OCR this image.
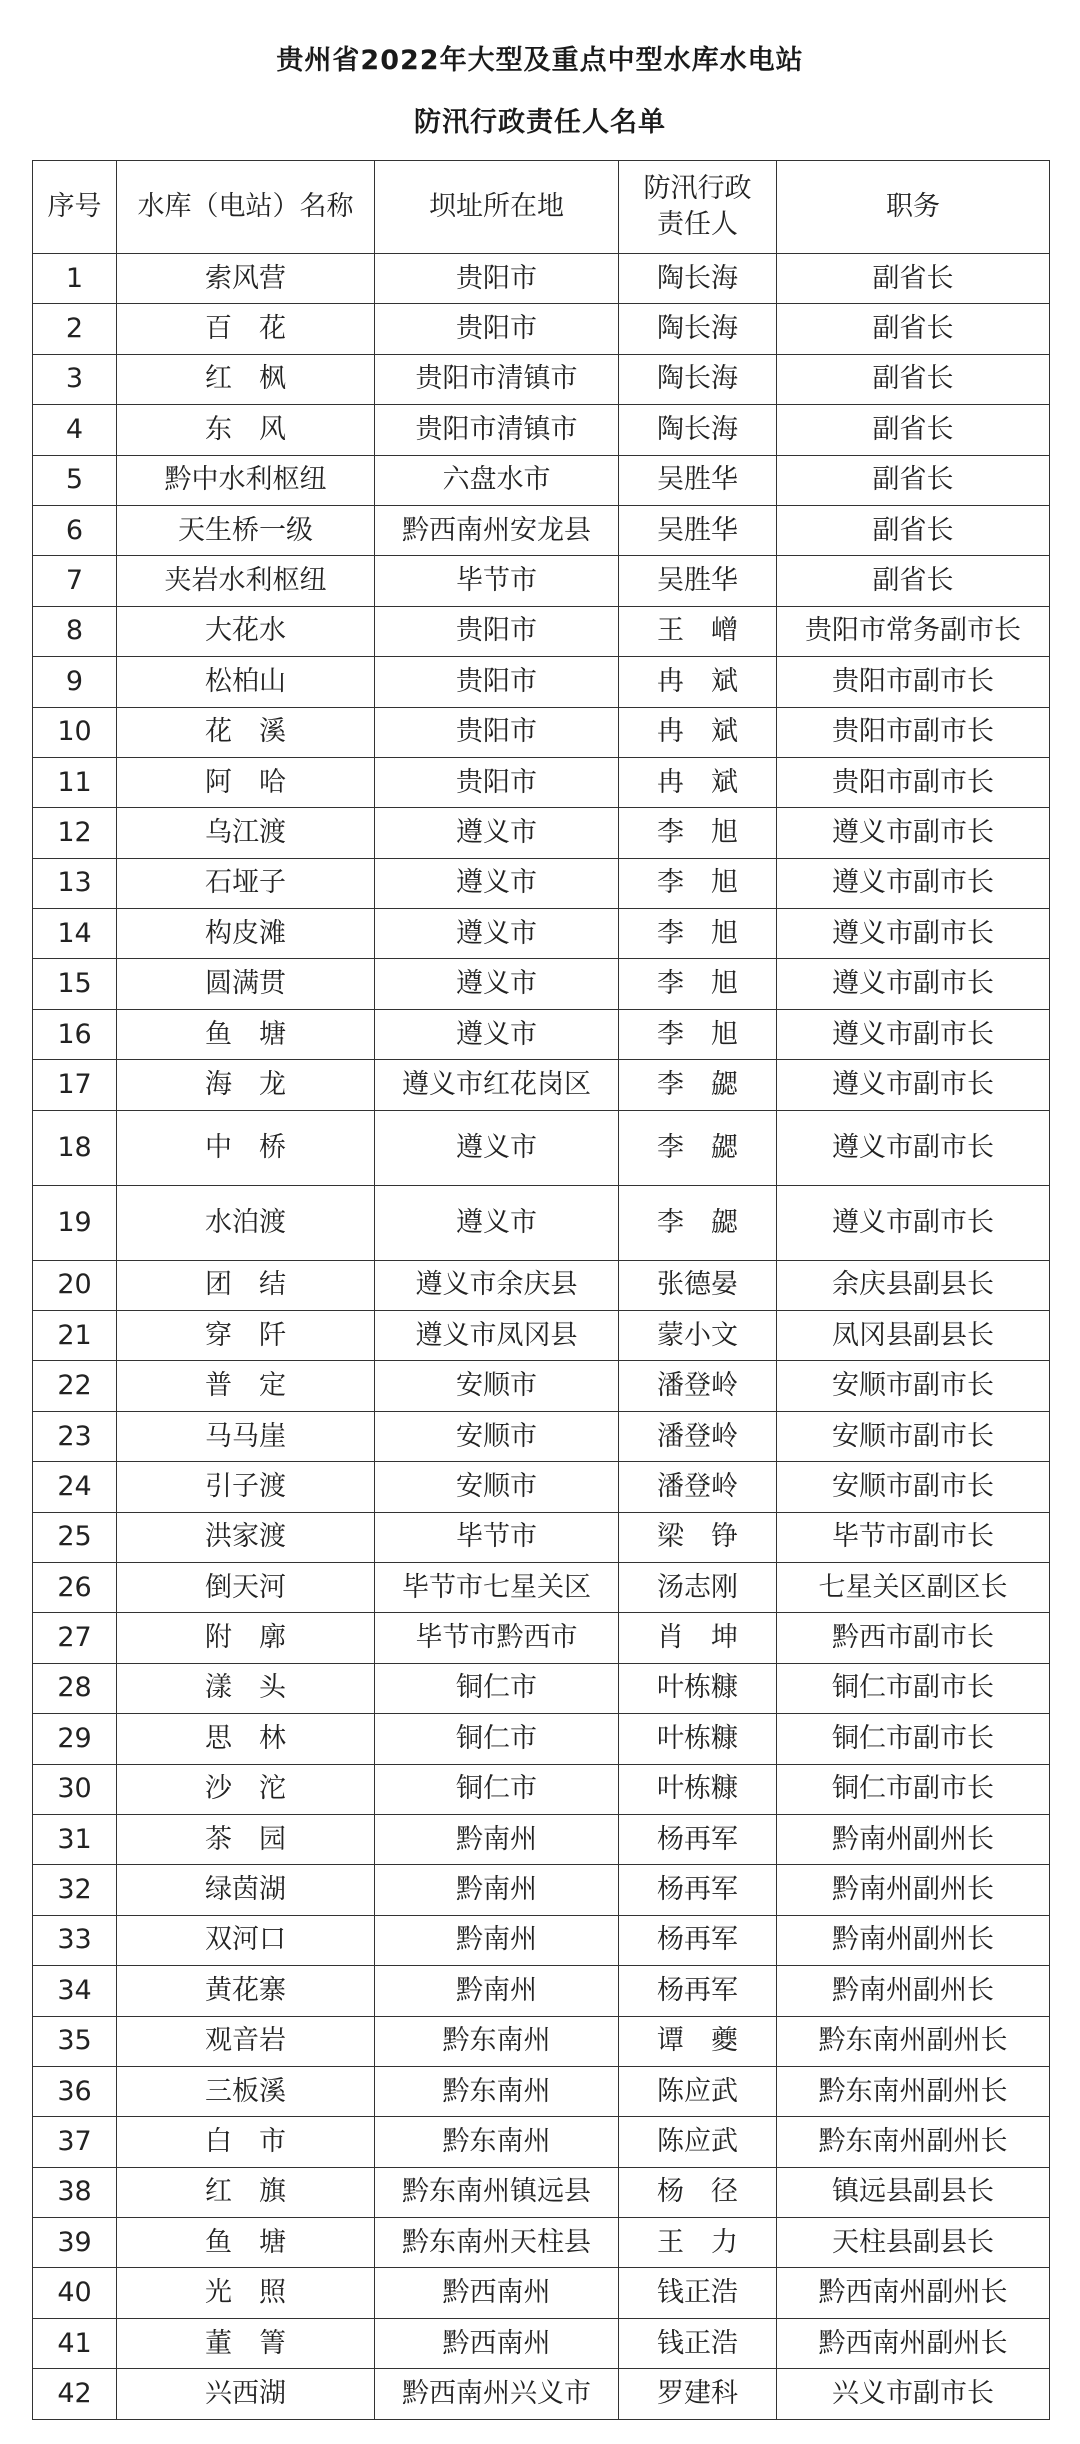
贵州省2022年大型及重点中型水库水电站
防汛行政责任人名单
序号	水库（电站）名称	坝址所在地	防汛行政责任人	职务
1	索风营	贵阳市	陶长海	副省长
2	百　花	贵阳市	陶长海	副省长
3	红　枫	贵阳市清镇市	陶长海	副省长
4	东　风	贵阳市清镇市	陶长海	副省长
5	黔中水利枢纽	六盘水市	吴胜华	副省长
6	天生桥一级	黔西南州安龙县	吴胜华	副省长
7	夹岩水利枢纽	毕节市	吴胜华	副省长
8	大花水	贵阳市	王　嶒	贵阳市常务副市长
9	松柏山	贵阳市	冉　斌	贵阳市副市长
10	花　溪	贵阳市	冉　斌	贵阳市副市长
11	阿　哈	贵阳市	冉　斌	贵阳市副市长
12	乌江渡	遵义市	李　旭	遵义市副市长
13	石垭子	遵义市	李　旭	遵义市副市长
14	构皮滩	遵义市	李　旭	遵义市副市长
15	圆满贯	遵义市	李　旭	遵义市副市长
16	鱼　塘	遵义市	李　旭	遵义市副市长
17	海　龙	遵义市红花岗区	李　勰	遵义市副市长
18	中　桥	遵义市	李　勰	遵义市副市长
19	水泊渡	遵义市	李　勰	遵义市副市长
20	团　结	遵义市余庆县	张德晏	余庆县副县长
21	穿　阡	遵义市凤冈县	蒙小文	凤冈县副县长
22	普　定	安顺市	潘登岭	安顺市副市长
23	马马崖	安顺市	潘登岭	安顺市副市长
24	引子渡	安顺市	潘登岭	安顺市副市长
25	洪家渡	毕节市	梁　铮	毕节市副市长
26	倒天河	毕节市七星关区	汤志刚	七星关区副区长
27	附　廓	毕节市黔西市	肖　坤	黔西市副市长
28	漾　头	铜仁市	叶栋糠	铜仁市副市长
29	思　林	铜仁市	叶栋糠	铜仁市副市长
30	沙　沱	铜仁市	叶栋糠	铜仁市副市长
31	茶　园	黔南州	杨再军	黔南州副州长
32	绿茵湖	黔南州	杨再军	黔南州副州长
33	双河口	黔南州	杨再军	黔南州副州长
34	黄花寨	黔南州	杨再军	黔南州副州长
35	观音岩	黔东南州	谭　夔	黔东南州副州长
36	三板溪	黔东南州	陈应武	黔东南州副州长
37	白　市	黔东南州	陈应武	黔东南州副州长
38	红　旗	黔东南州镇远县	杨　径	镇远县副县长
39	鱼　塘	黔东南州天柱县	王　力	天柱县副县长
40	光　照	黔西南州	钱正浩	黔西南州副州长
41	董　箐	黔西南州	钱正浩	黔西南州副州长
42	兴西湖	黔西南州兴义市	罗建科	兴义市副市长
